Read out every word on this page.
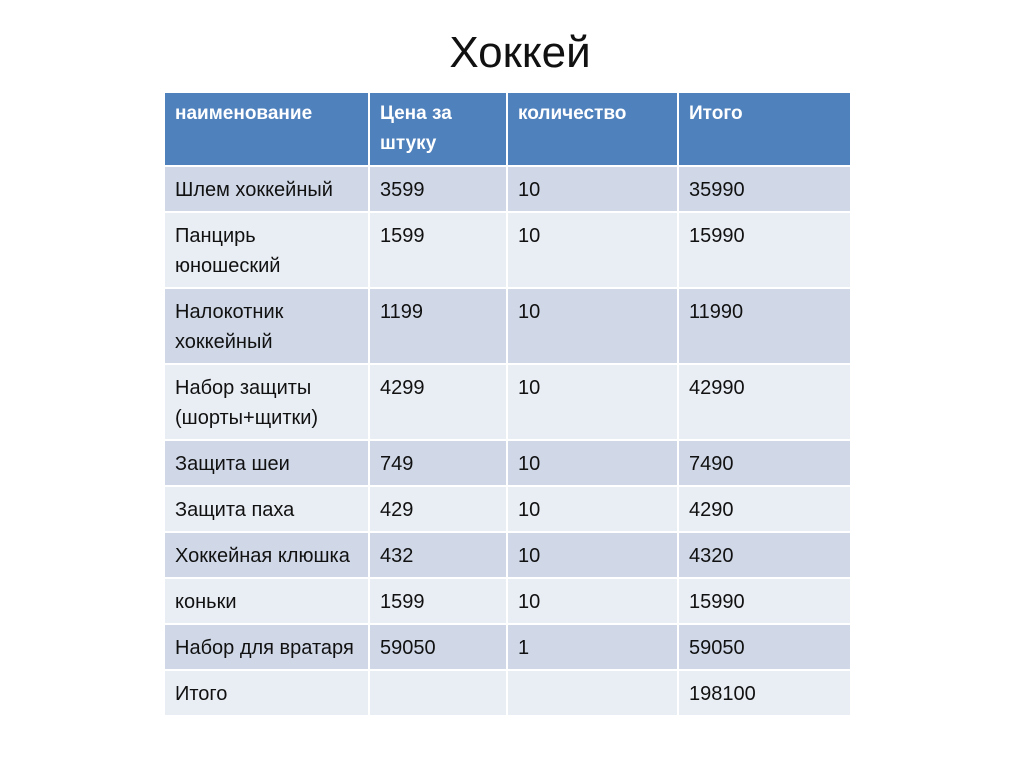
Хоккей
наименование	Цена за штуку	количество	Итого
Шлем хоккейный	3599	10	35990
Панцирь юношеский	1599	10	15990
Налокотник хоккейный	1199	10	11990
Набор защиты (шорты+щитки)	4299	10	42990
Защита шеи	749	10	7490
Защита паха	429	10	4290
Хоккейная клюшка	432	10	4320
коньки	1599	10	15990
Набор для вратаря	59050	1	59050
Итого			198100
